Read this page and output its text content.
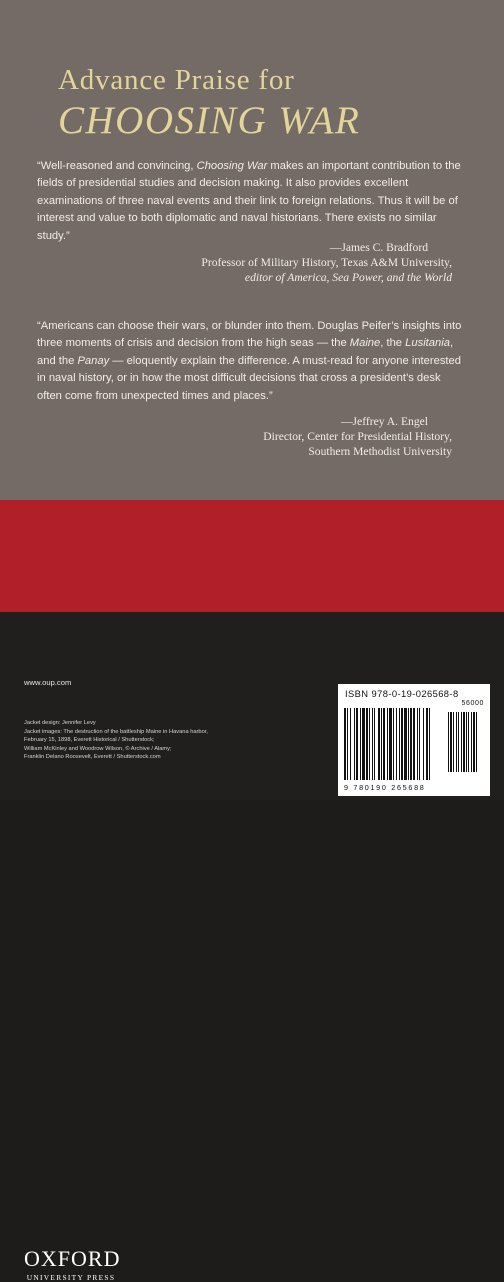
Advance Praise for
CHOOSING WAR

“Well-reasoned and convincing, Choosing War makes an important contribution to the fields of presidential studies and decision making. It also provides excellent examinations of three naval events and their link to foreign relations. Thus it will be of interest and value to both diplomatic and naval historians. There exists no similar study.”

—James C. Bradford
Professor of Military History, Texas A&M University,
editor of America, Sea Power, and the World

“Americans can choose their wars, or blunder into them. Douglas Peifer’s insights into three moments of crisis and decision from the high seas — the Maine, the Lusitania, and the Panay — eloquently explain the difference. A must-read for anyone interested in naval history, or in how the most difficult decisions that cross a president’s desk often come from unexpected times and places.”

—Jeffrey A. Engel
Director, Center for Presidential History,
Southern Methodist University
OXFORD
UNIVERSITY PRESS

www.oup.com

Jacket design: Jennifer Levy
Jacket images: The destruction of the battleship Maine in Havana harbor,
February 15, 1898, Everett Historical / Shutterstock;
William McKinley and Woodrow Wilson, © Archive / Alamy;
Franklin Delano Roosevelt, Everett / Shutterstock.com

ISBN 978-0-19-026568-8

56000

9 780190 265688
